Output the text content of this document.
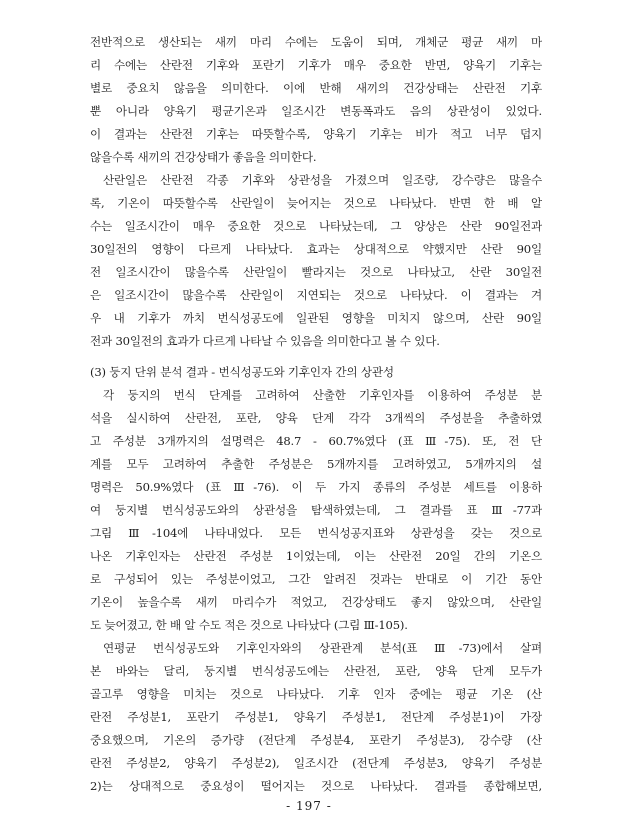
전반적으로 생산되는 새끼 마리 수에는 도움이 되며, 개체군 평균 새끼 마
리 수에는 산란전 기후와 포란기 기후가 매우 중요한 반면, 양육기 기후는
별로 중요치 않음을 의미한다. 이에 반해 새끼의 건강상태는 산란전 기후
뿐 아니라 양육기 평균기온과 일조시간 변동폭과도 음의 상관성이 있었다.
이 결과는 산란전 기후는 따뜻할수록, 양육기 기후는 비가 적고 너무 덥지
않을수록 새끼의 건강상태가 좋음을 의미한다.
산란일은 산란전 각종 기후와 상관성을 가졌으며 일조량, 강수량은 많을수
록, 기온이 따뜻할수록 산란일이 늦어지는 것으로 나타났다. 반면 한 배 알
수는 일조시간이 매우 중요한 것으로 나타났는데, 그 양상은 산란 90일전과
30일전의 영향이 다르게 나타났다. 효과는 상대적으로 약했지만 산란 90일
전 일조시간이 많을수록 산란일이 빨라지는 것으로 나타났고, 산란 30일전
은 일조시간이 많을수록 산란일이 지연되는 것으로 나타났다. 이 결과는 겨
우 내 기후가 까치 번식성공도에 일관된 영향을 미치지 않으며, 산란 90일
전과 30일전의 효과가 다르게 나타날 수 있음을 의미한다고 볼 수 있다.
(3) 둥지 단위 분석 결과 - 번식성공도와 기후인자 간의 상관성
각 둥지의 번식 단계를 고려하여 산출한 기후인자를 이용하여 주성분 분
석을 실시하여 산란전, 포란, 양육 단계 각각 3개씩의 주성분을 추출하였
고 주성분 3개까지의 설명력은 48.7 - 60.7%였다 (표 Ⅲ-75). 또, 전 단
계를 모두 고려하여 추출한 주성분은 5개까지를 고려하였고, 5개까지의 설
명력은 50.9%였다 (표 Ⅲ-76). 이 두 가지 종류의 주성분 세트를 이용하
여 둥지별 번식성공도와의 상관성을 탐색하였는데, 그 결과를 표 Ⅲ-77과
그림 Ⅲ-104에 나타내었다. 모든 번식성공지표와 상관성을 갖는 것으로
나온 기후인자는 산란전 주성분 1이었는데, 이는 산란전 20일 간의 기온으
로 구성되어 있는 주성분이었고, 그간 알려진 것과는 반대로 이 기간 동안
기온이 높을수록 새끼 마리수가 적었고, 건강상태도 좋지 않았으며, 산란일
도 늦어졌고, 한 배 알 수도 적은 것으로 나타났다 (그림 Ⅲ-105).
연평균 번식성공도와 기후인자와의 상관관계 분석(표 Ⅲ-73)에서 살펴
본 바와는 달리, 둥지별 번식성공도에는 산란전, 포란, 양육 단계 모두가
골고루 영향을 미치는 것으로 나타났다. 기후 인자 중에는 평균 기온 (산
란전 주성분1, 포란기 주성분1, 양육기 주성분1, 전단계 주성분1)이 가장
중요했으며, 기온의 증가량 (전단계 주성분4, 포란기 주성분3), 강수량 (산
란전 주성분2, 양육기 주성분2), 일조시간 (전단계 주성분3, 양육기 주성분
2)는 상대적으로 중요성이 떨어지는 것으로 나타났다. 결과를 종합해보면,
- 197 -
